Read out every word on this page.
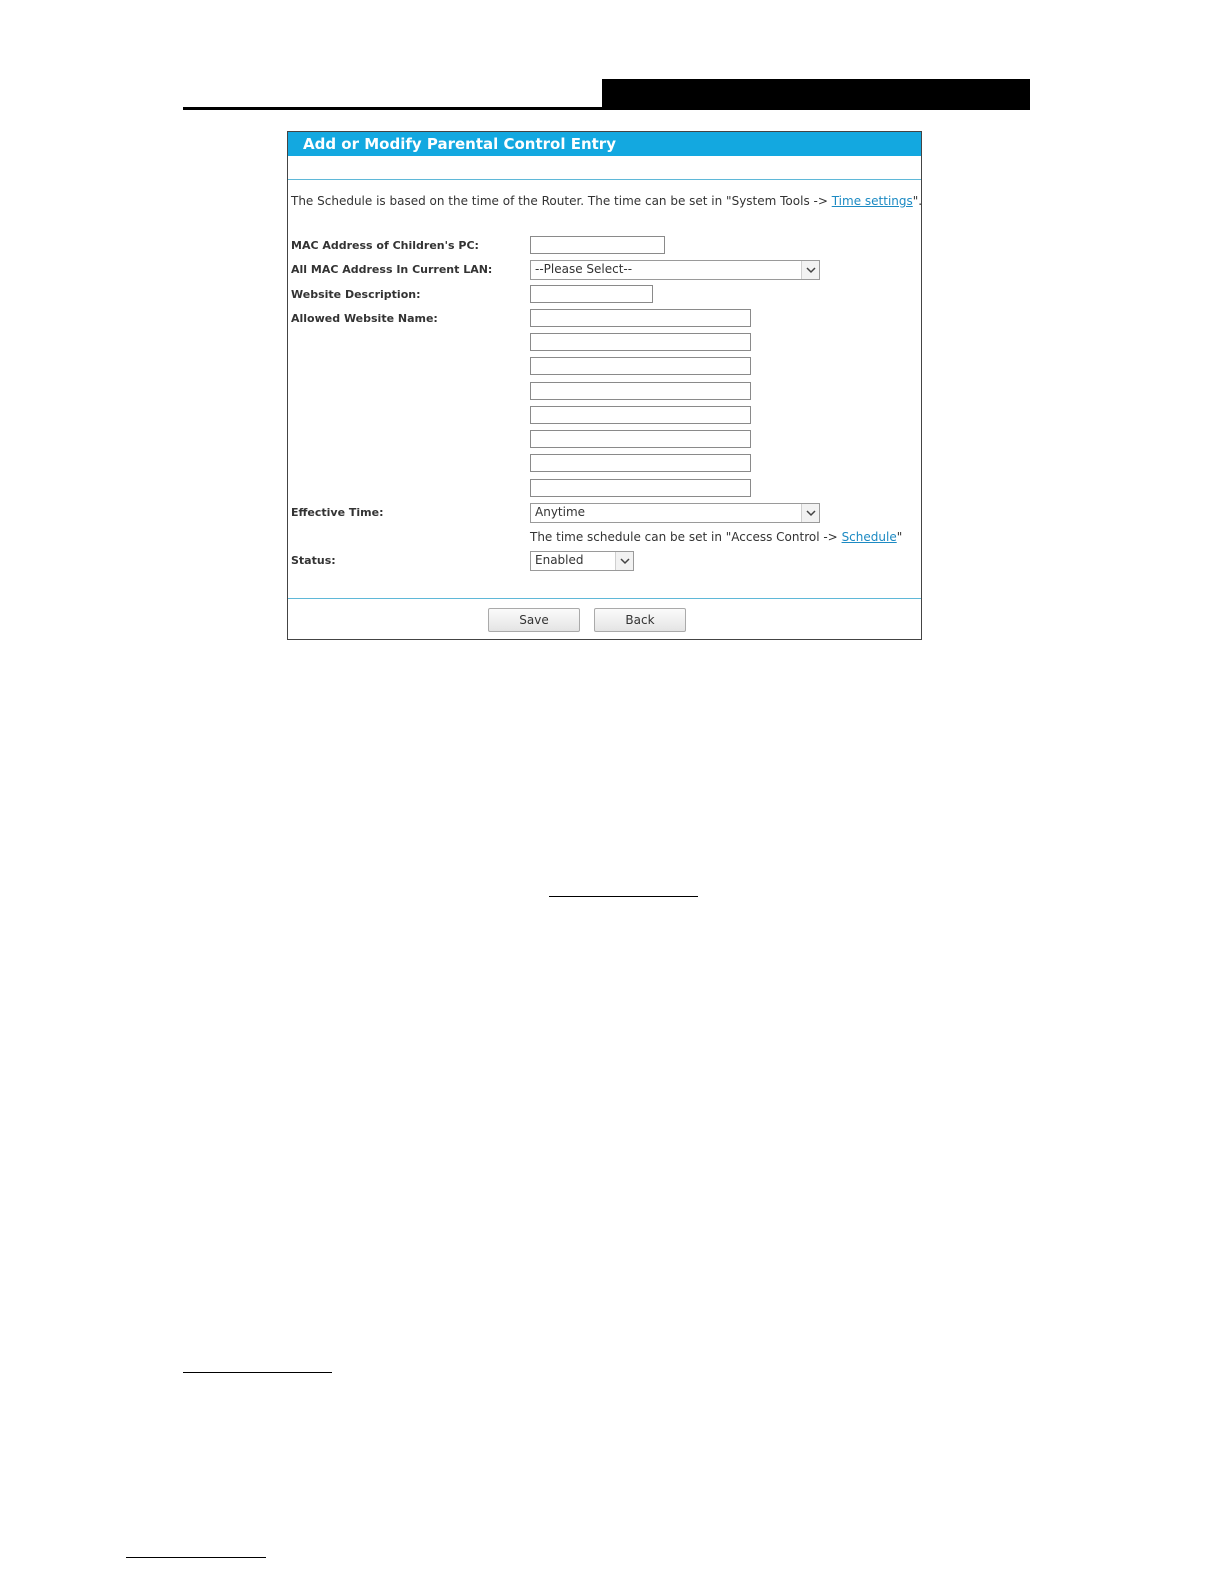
Add or Modify Parental Control Entry
The Schedule is based on the time of the Router. The time can be set in "System Tools -> Time settings".
MAC Address of Children's PC:
All MAC Address In Current LAN:	--Please Select--
Website Description:
Allowed Website Name:
Effective Time:	Anytime
The time schedule can be set in "Access Control -> Schedule"
Status:	Enabled
Save	Back
